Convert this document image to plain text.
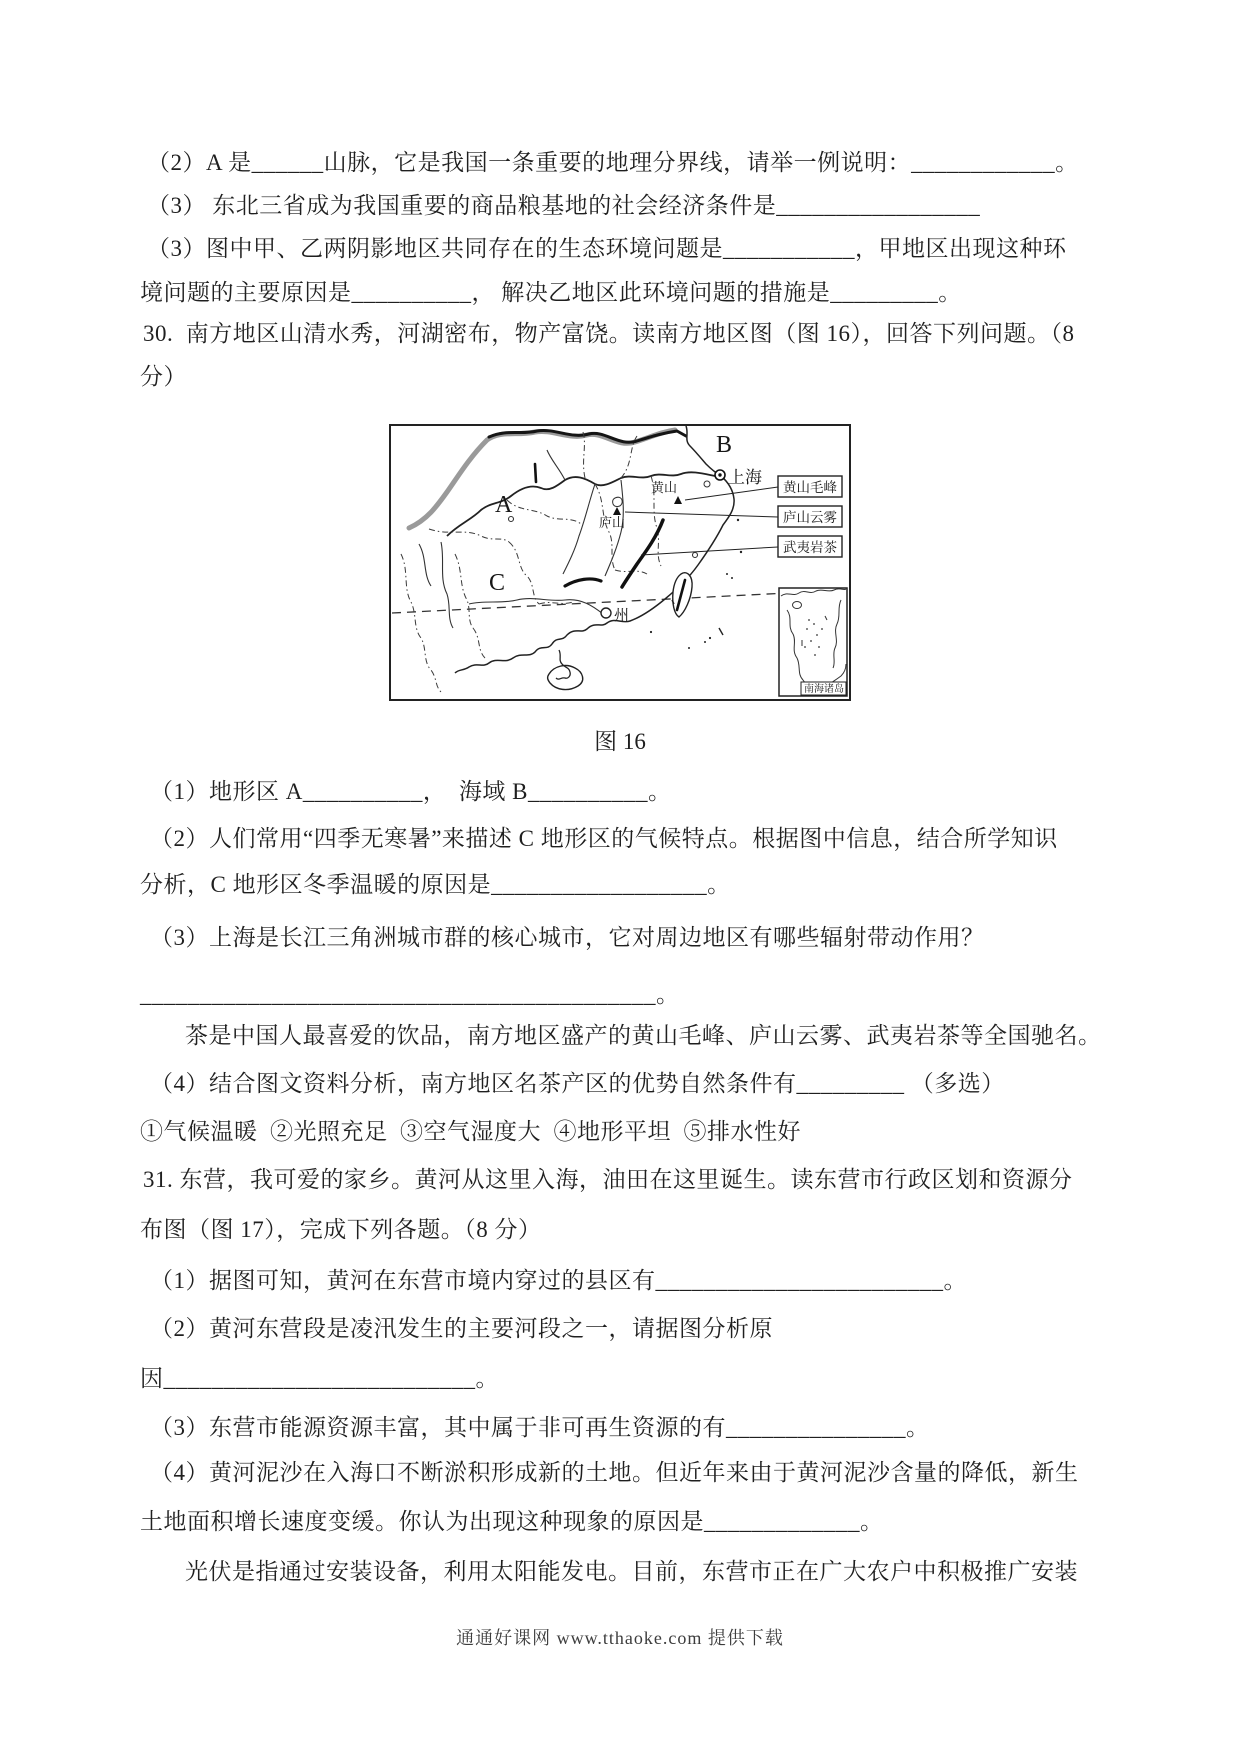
（2）A 是______山脉，它是我国一条重要的地理分界线，请举一例说明：____________。
（3） 东北三省成为我国重要的商品粮基地的社会经济条件是_________________
（3）图中甲、乙两阴影地区共同存在的生态环境问题是___________，甲地区出现这种环
境问题的主要原因是__________， 解决乙地区此环境问题的措施是_________。
30.  南方地区山清水秀，河湖密布，物产富饶。读南方地区图（图 16），回答下列问题。（8
分）
A
B
C
上海
黄山
庐山
州
黄山毛峰
庐山云雾
武夷岩茶
南海诸岛
图 16
（1）地形区 A__________，  海域 B__________。
（2）人们常用“四季无寒暑”来描述 C 地形区的气候特点。根据图中信息，结合所学知识
分析，C 地形区冬季温暖的原因是__________________。
（3）上海是长江三角洲城市群的核心城市，它对周边地区有哪些辐射带动作用？
___________________________________________。
茶是中国人最喜爱的饮品，南方地区盛产的黄山毛峰、庐山云雾、武夷岩茶等全国驰名。
（4）结合图文资料分析，南方地区名茶产区的优势自然条件有_________ （多选）
①气候温暖  ②光照充足  ③空气湿度大  ④地形平坦  ⑤排水性好
31. 东营，我可爱的家乡。黄河从这里入海，油田在这里诞生。读东营市行政区划和资源分
布图（图 17），完成下列各题。（8 分）
（1）据图可知，黄河在东营市境内穿过的县区有________________________。
（2）黄河东营段是凌汛发生的主要河段之一，请据图分析原
因__________________________。
（3）东营市能源资源丰富，其中属于非可再生资源的有_______________。
（4）黄河泥沙在入海口不断淤积形成新的土地。但近年来由于黄河泥沙含量的降低，新生
土地面积增长速度变缓。你认为出现这种现象的原因是_____________。
光伏是指通过安装设备，利用太阳能发电。目前，东营市正在广大农户中积极推广安装
通通好课网 www.tthaoke.com 提供下载
